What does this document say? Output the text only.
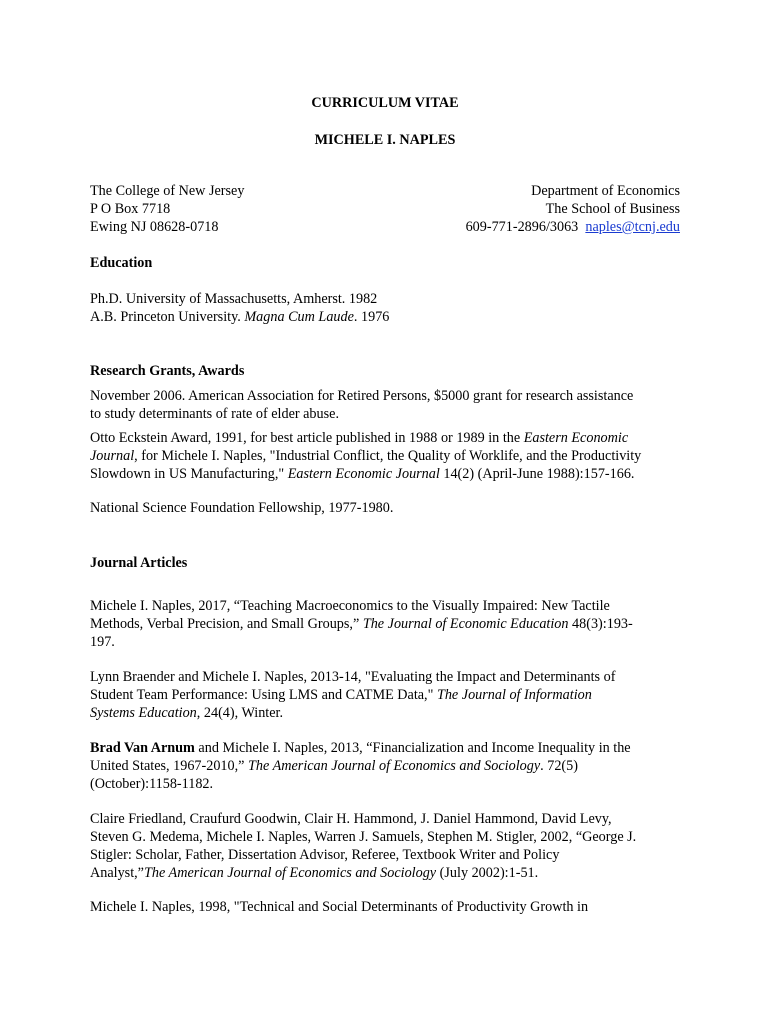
CURRICULUM VITAE
MICHELE I. NAPLES
The College of New Jersey
P O Box 7718
Ewing NJ 08628-0718
Department of Economics
The School of Business
609-771-2896/3063 naples@tcnj.edu
Education

Ph.D. University of Massachusetts, Amherst. 1982

A.B. Princeton University. Magna Cum Laude. 1976

Research Grants, Awards

November 2006. American Association for Retired Persons, $5000 grant for research assistance

to study determinants of rate of elder abuse.

Otto Eckstein Award, 1991, for best article published in 1988 or 1989 in the Eastern Economic

Journal, for Michele I. Naples, "Industrial Conflict, the Quality of Worklife, and the Productivity

Slowdown in US Manufacturing," Eastern Economic Journal 14(2) (April-June 1988):157-166.

National Science Foundation Fellowship, 1977-1980.

Journal Articles

Michele I. Naples, 2017, “Teaching Macroeconomics to the Visually Impaired: New Tactile

Methods, Verbal Precision, and Small Groups,” The Journal of Economic Education 48(3):193-

197.

Lynn Braender and Michele I. Naples, 2013-14, "Evaluating the Impact and Determinants of

Student Team Performance: Using LMS and CATME Data," The Journal of Information

Systems Education, 24(4), Winter.

Brad Van Arnum and Michele I. Naples, 2013, “Financialization and Income Inequality in the

United States, 1967-2010,” The American Journal of Economics and Sociology. 72(5)

(October):1158-1182.

Claire Friedland, Craufurd Goodwin, Clair H. Hammond, J. Daniel Hammond, David Levy,

Steven G. Medema, Michele I. Naples, Warren J. Samuels, Stephen M. Stigler, 2002, “George J.

Stigler: Scholar, Father, Dissertation Advisor, Referee, Textbook Writer and Policy

Analyst,”The American Journal of Economics and Sociology (July 2002):1-51.

Michele I. Naples, 1998, "Technical and Social Determinants of Productivity Growth in
